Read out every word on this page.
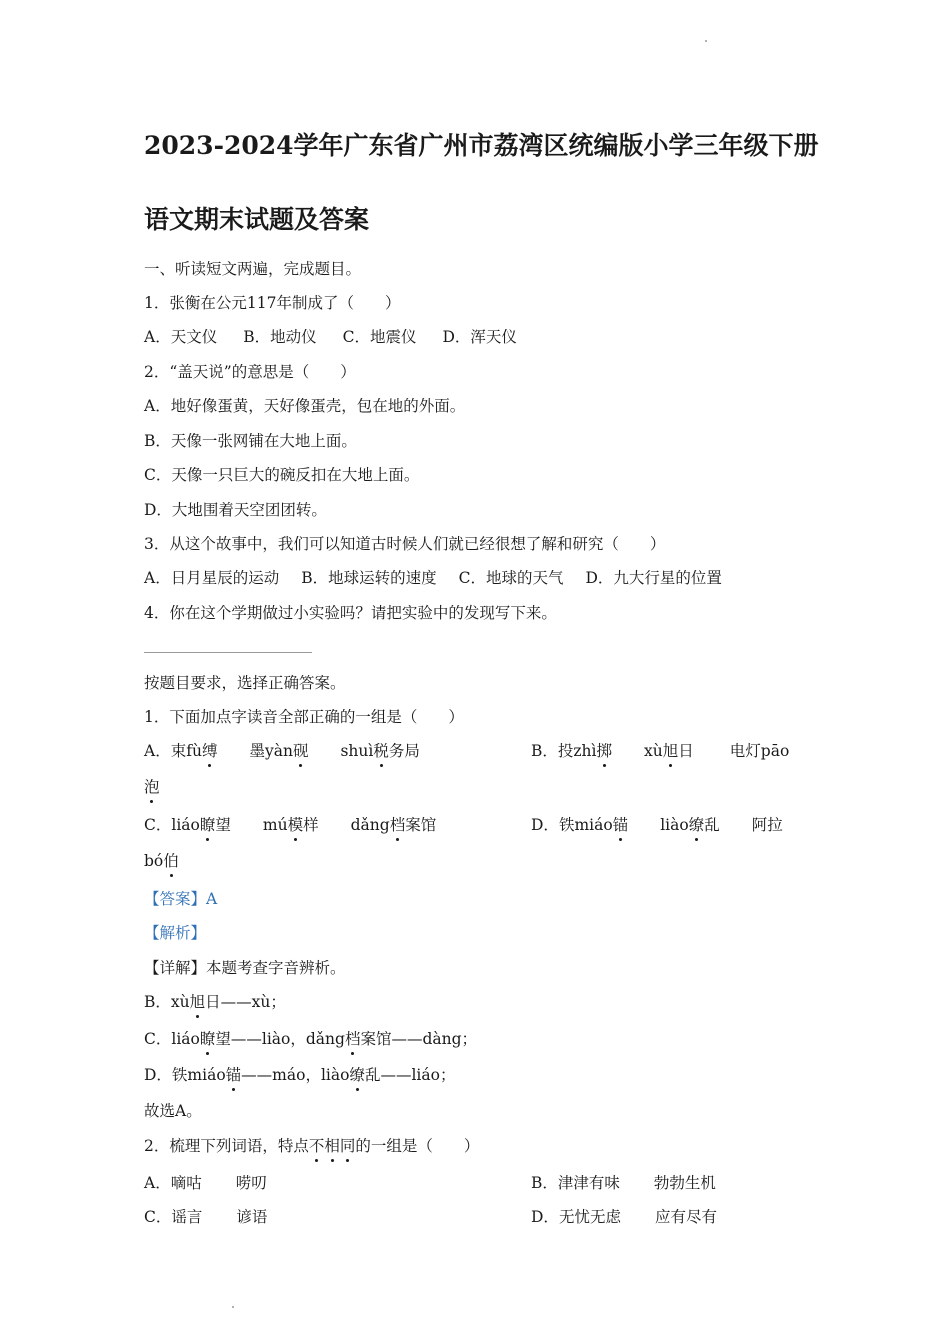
2023-2024学年广东省广州市荔湾区统编版小学三年级下册
语文期末试题及答案
一、听读短文两遍，完成题目。
1．张衡在公元117年制成了（　　）
A．天文仪 B．地动仪 C．地震仪 D．浑天仪
2．“盖天说”的意思是（　　）
A．地好像蛋黄，天好像蛋壳，包在地的外面。
B．天像一张网铺在大地上面。
C．天像一只巨大的碗反扣在大地上面。
D．大地围着天空团团转。
3．从这个故事中，我们可以知道古时候人们就已经很想了解和研究（　　）
A．日月星辰的运动 B．地球运转的速度 C．地球的天气 D．九大行星的位置
4．你在这个学期做过小实验吗？请把实验中的发现写下来。
按题目要求，选择正确答案。
1．下面加点字读音全部正确的一组是（　　）
A．束fù缚 墨yàn砚 shuì税务局	B．投zhì掷 xù旭日 电灯pāo
泡
C．liáo瞭望 mú模样 dǎng档案馆	D．铁miáo锚 liào缭乱 阿拉
bó伯
【答案】A
【解析】
【详解】本题考查字音辨析。
B．xù旭日——xù；
C．liáo瞭望——liào，dǎng档案馆——dàng；
D．铁miáo锚——máo，liào缭乱——liáo；
故选A。
2．梳理下列词语，特点不相同的一组是（　　）
A．嘀咕 唠叨	B．津津有味 勃勃生机
C．谣言 谚语	D．无忧无虑 应有尽有
